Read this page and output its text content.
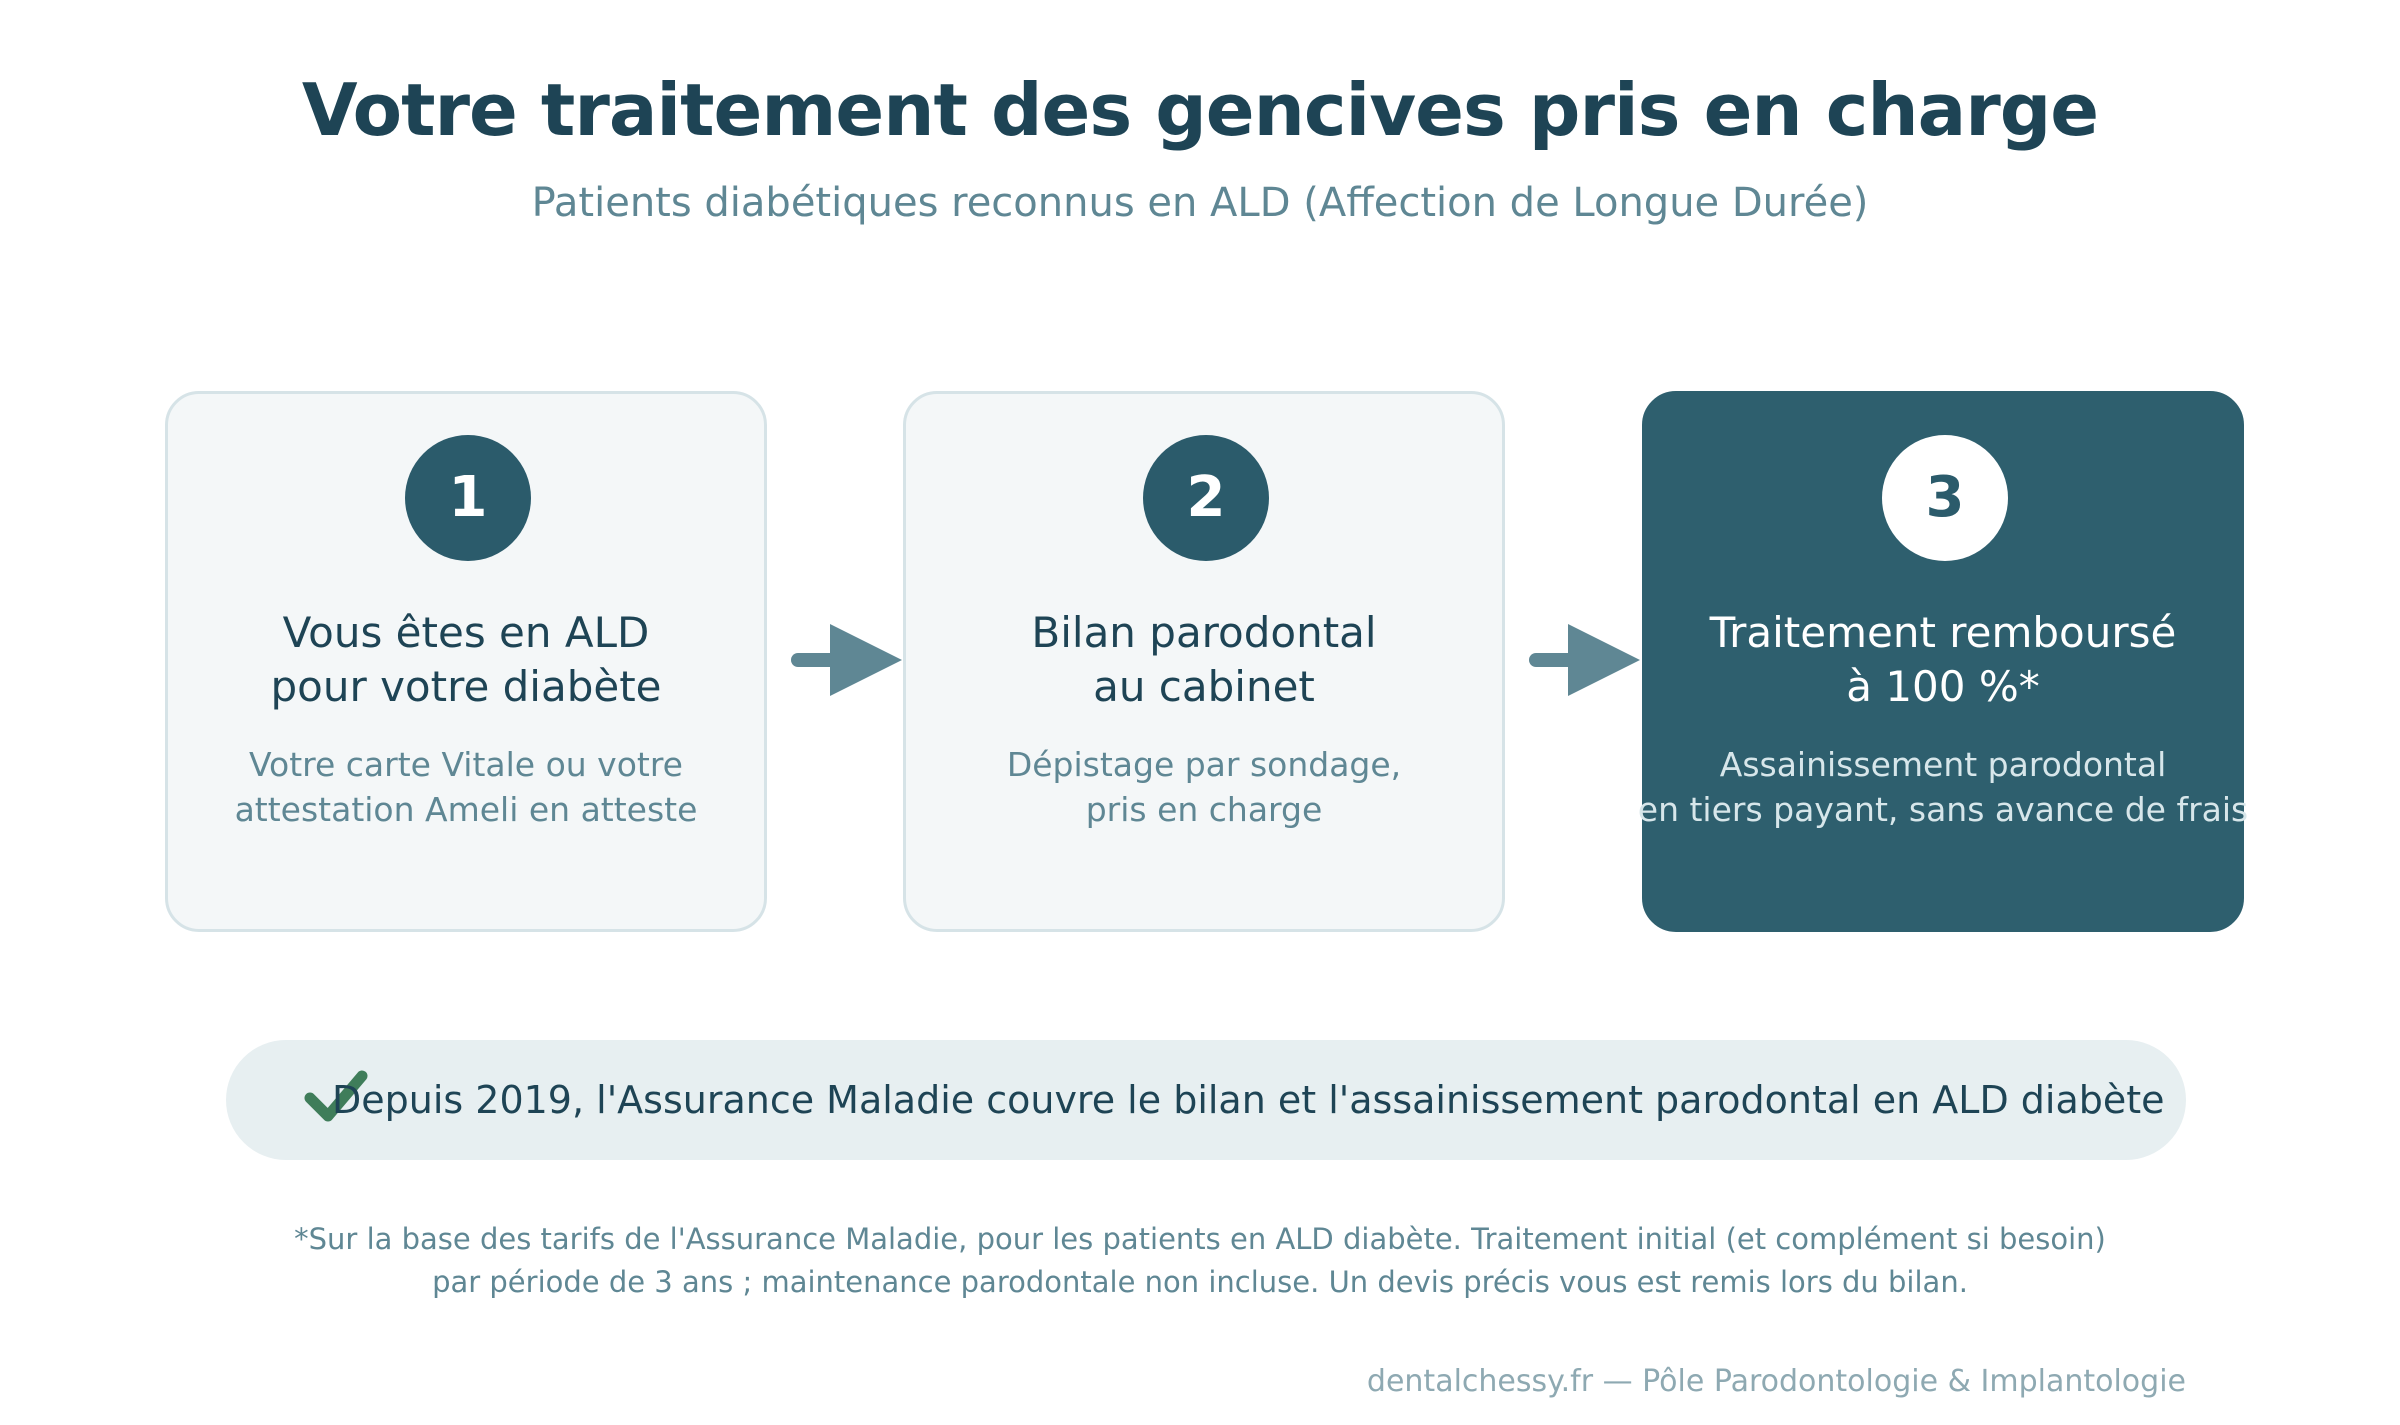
Votre traitement des gencives pris en charge
Patients diabétiques reconnus en ALD (Affection de Longue Durée)
1
Vous êtes en ALD
pour votre diabète
Votre carte Vitale ou votre
attestation Ameli en atteste
2
Bilan parodontal
au cabinet
Dépistage par sondage,
pris en charge
3
Traitement remboursé
à 100 %*
Assainissement parodontal
en tiers payant, sans avance de frais
Depuis 2019, l'Assurance Maladie couvre le bilan et l'assainissement parodontal en ALD diabète
*Sur la base des tarifs de l'Assurance Maladie, pour les patients en ALD diabète. Traitement initial (et complément si besoin)
par période de 3 ans ; maintenance parodontale non incluse. Un devis précis vous est remis lors du bilan.
dentalchessy.fr — Pôle Parodontologie & Implantologie
